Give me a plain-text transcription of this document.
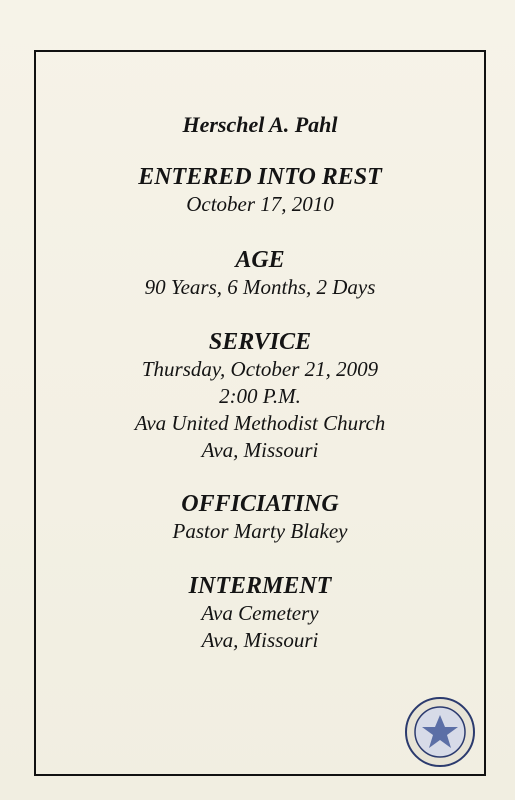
Herschel A. Pahl
ENTERED INTO REST
October 17, 2010
AGE
90 Years, 6 Months, 2 Days
SERVICE
Thursday, October 21, 2009
2:00 P.M.
Ava United Methodist Church
Ava, Missouri
OFFICIATING
Pastor Marty Blakey
INTERMENT
Ava Cemetery
Ava, Missouri
